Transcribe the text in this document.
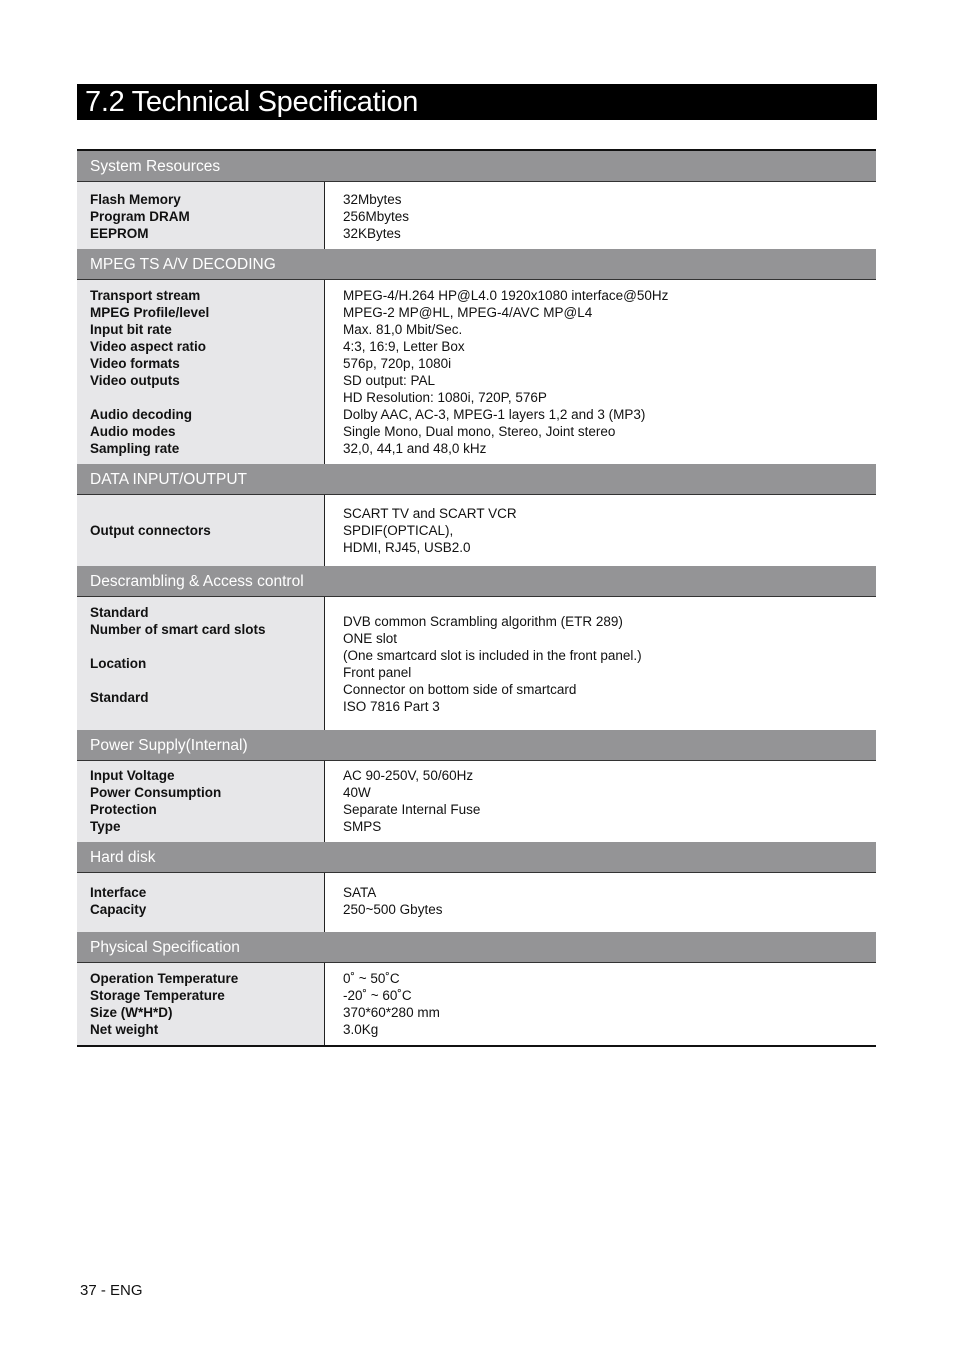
7.2 Technical Specification
System Resources
Flash Memory
Program DRAM
EEPROM
32Mbytes
256Mbytes
32KBytes
MPEG TS A/V DECODING
Transport stream
MPEG Profile/level
Input bit rate
Video aspect ratio
Video formats
Video outputs
Audio decoding
Audio modes
Sampling rate
MPEG-4/H.264 HP@L4.0 1920x1080 interface@50Hz
MPEG-2 MP@HL, MPEG-4/AVC MP@L4
Max. 81,0 Mbit/Sec.
4:3, 16:9, Letter Box
576p, 720p, 1080i
SD output: PAL
HD Resolution: 1080i, 720P, 576P
Dolby AAC, AC-3, MPEG-1 layers 1,2 and 3 (MP3)
Single Mono, Dual mono, Stereo, Joint stereo
32,0, 44,1 and 48,0 kHz
DATA INPUT/OUTPUT
Output connectors
SCART TV and SCART VCR
SPDIF(OPTICAL),
HDMI, RJ45, USB2.0
Descrambling & Access control
Standard
Number of smart card slots
Location
Standard
DVB common Scrambling algorithm (ETR 289)
ONE slot
(One smartcard slot is included in the front panel.)
Front panel
Connector on bottom side of smartcard
ISO 7816 Part 3
Power Supply(Internal)
Input Voltage
Power Consumption
Protection
Type
AC 90-250V, 50/60Hz
40W
Separate Internal Fuse
SMPS
Hard disk
Interface
Capacity
SATA
250~500 Gbytes
Physical Specification
Operation Temperature
Storage Temperature
Size (W*H*D)
Net weight
0˚ ~ 50˚C
-20˚ ~ 60˚C
370*60*280 mm
3.0Kg
37 - ENG
